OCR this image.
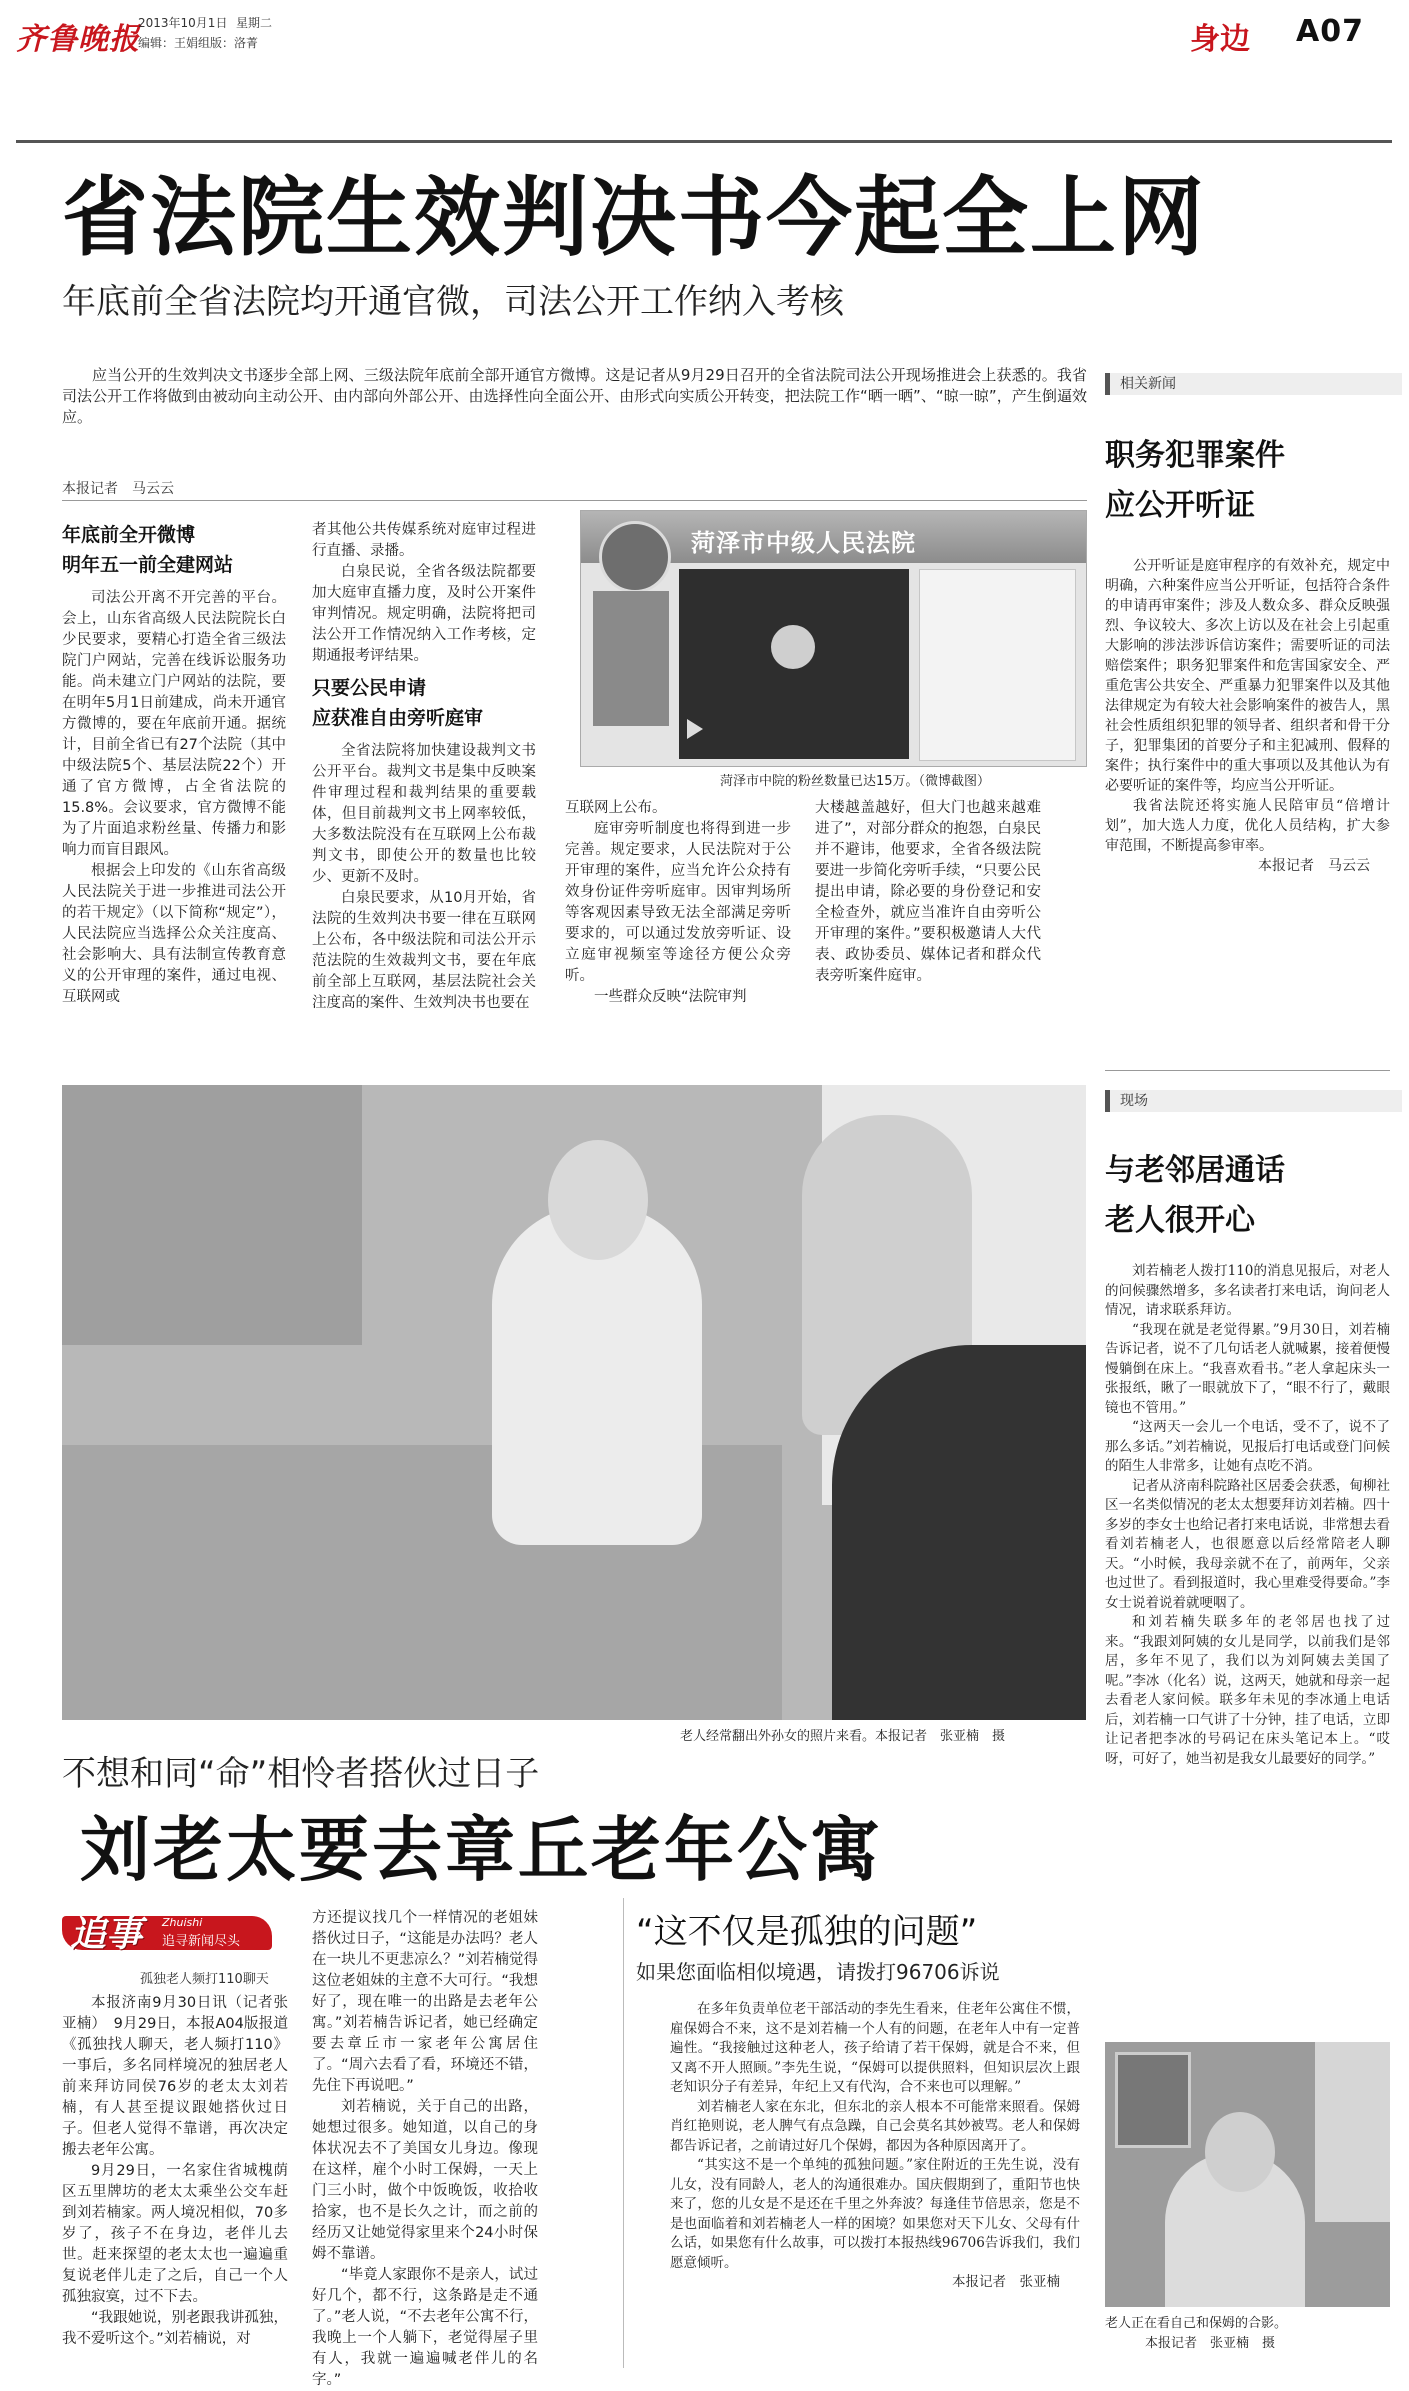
齐鲁晚报
2013年10月1日 星期二
编辑：王娟 组版：洛菁	身边 A07
省法院生效判决书今起全上网
年底前全省法院均开通官微，司法公开工作纳入考核

应当公开的生效判决文书逐步全部上网、三级法院年底前全部开通官方微博。这是记者从9月29日召开的全省法院司法公开现场推进会上获悉的。我省司法公开工作将做到由被动向主动公开、由内部向外部公开、由选择性向全面公开、由形式向实质公开转变，把法院工作“晒一晒”、“晾一晾”，产生倒逼效应。

本报记者　马云云
年底前全开微博
明年五一前全建网站

司法公开离不开完善的平台。会上，山东省高级人民法院院长白少民要求，要精心打造全省三级法院门户网站，完善在线诉讼服务功能。尚未建立门户网站的法院，要在明年5月1日前建成，尚未开通官方微博的，要在年底前开通。据统计，目前全省已有27个法院（其中中级法院5个、基层法院22个）开通了官方微博，占全省法院的15.8%。会议要求，官方微博不能为了片面追求粉丝量、传播力和影响力而盲目跟风。

根据会上印发的《山东省高级人民法院关于进一步推进司法公开的若干规定》（以下简称“规定”），人民法院应当选择公众关注度高、社会影响大、具有法制宣传教育意义的公开审理的案件，通过电视、互联网或

者其他公共传媒系统对庭审过程进行直播、录播。

白泉民说，全省各级法院都要加大庭审直播力度，及时公开案件审判情况。规定明确，法院将把司法公开工作情况纳入工作考核，定期通报考评结果。

只要公民申请
应获准自由旁听庭审

全省法院将加快建设裁判文书公开平台。裁判文书是集中反映案件审理过程和裁判结果的重要载体，但目前裁判文书上网率较低，大多数法院没有在互联网上公布裁判文书，即使公开的数量也比较少、更新不及时。

白泉民要求，从10月开始，省法院的生效判决书要一律在互联网上公布，各中级法院和司法公开示范法院的生效裁判文书，要在年底前全部上互联网，基层法院社会关注度高的案件、生效判决书也要在

菏泽市中级人民法院
菏泽市中院的粉丝数量已达15万。（微博截图）

互联网上公布。

庭审旁听制度也将得到进一步完善。规定要求，人民法院对于公开审理的案件，应当允许公众持有效身份证件旁听庭审。因审判场所等客观因素导致无法全部满足旁听要求的，可以通过发放旁听证、设立庭审视频室等途径方便公众旁听。

一些群众反映“法院审判

大楼越盖越好，但大门也越来越难进了”，对部分群众的抱怨，白泉民并不避讳，他要求，全省各级法院要进一步简化旁听手续，“只要公民提出申请，除必要的身份登记和安全检查外，就应当准许自由旁听公开审理的案件。”要积极邀请人大代表、政协委员、媒体记者和群众代表旁听案件庭审。

相关新闻
职务犯罪案件
应公开听证

公开听证是庭审程序的有效补充，规定中明确，六种案件应当公开听证，包括符合条件的申请再审案件；涉及人数众多、群众反映强烈、争议较大、多次上访以及在社会上引起重大影响的涉法涉诉信访案件；需要听证的司法赔偿案件；职务犯罪案件和危害国家安全、严重危害公共安全、严重暴力犯罪案件以及其他法律规定为有较大社会影响案件的被告人，黑社会性质组织犯罪的领导者、组织者和骨干分子，犯罪集团的首要分子和主犯减刑、假释的案件；执行案件中的重大事项以及其他认为有必要听证的案件等，均应当公开听证。

我省法院还将实施人民陪审员“倍增计划”，加大选人力度，优化人员结构，扩大参审范围，不断提高参审率。

本报记者　马云云
老人经常翻出外孙女的照片来看。本报记者　张亚楠　摄
不想和同“命”相怜者搭伙过日子
刘老太要去章丘老年公寓
追事 Zhuishi
追寻新闻尽头
孤独老人频打110聊天

本报济南9月30日讯（记者张亚楠）　9月29日，本报A04版报道《孤独找人聊天，老人频打110》一事后，多名同样境况的独居老人前来拜访同侯76岁的老太太刘若楠，有人甚至提议跟她搭伙过日子。但老人觉得不靠谱，再次决定搬去老年公寓。

9月29日，一名家住省城槐荫区五里牌坊的老太太乘坐公交车赶到刘若楠家。两人境况相似，70多岁了，孩子不在身边，老伴儿去世。赶来探望的老太太也一遍遍重复说老伴儿走了之后，自己一个人孤独寂寞，过不下去。

“我跟她说，别老跟我讲孤独，我不爱听这个。”刘若楠说，对

方还提议找几个一样情况的老姐妹搭伙过日子，“这能是办法吗？老人在一块儿不更悲凉么？”刘若楠觉得这位老姐妹的主意不大可行。“我想好了，现在唯一的出路是去老年公寓。”刘若楠告诉记者，她已经确定要去章丘市一家老年公寓居住了。“周六去看了看，环境还不错，先住下再说吧。”

刘若楠说，关于自己的出路，她想过很多。她知道，以自己的身体状况去不了美国女儿身边。像现在这样，雇个小时工保姆，一天上门三小时，做个中饭晚饭，收拾收拾家，也不是长久之计，而之前的经历又让她觉得家里来个24小时保姆不靠谱。

“毕竟人家跟你不是亲人，试过好几个，都不行，这条路是走不通了。”老人说，“不去老年公寓不行，我晚上一个人躺下，老觉得屋子里有人，我就一遍遍喊老伴儿的名字。”

“这不仅是孤独的问题”
如果您面临相似境遇，请拨打96706诉说

在多年负责单位老干部活动的李先生看来，住老年公寓住不惯，雇保姆合不来，这不是刘若楠一个人有的问题，在老年人中有一定普遍性。“我接触过这种老人，孩子给请了若干保姆，就是合不来，但又离不开人照顾。”李先生说，“保姆可以提供照料，但知识层次上跟老知识分子有差异，年纪上又有代沟，合不来也可以理解。”

刘若楠老人家在东北，但东北的亲人根本不可能常来照看。保姆肖红艳则说，老人脾气有点急躁，自己会莫名其妙被骂。老人和保姆都告诉记者，之前请过好几个保姆，都因为各种原因离开了。

“其实这不是一个单纯的孤独问题。”家住附近的王先生说，没有儿女，没有同龄人，老人的沟通很难办。国庆假期到了，重阳节也快来了，您的儿女是不是还在千里之外奔波？每逢佳节倍思亲，您是不是也面临着和刘若楠老人一样的困境？如果您对天下儿女、父母有什么话，如果您有什么故事，可以拨打本报热线96706告诉我们，我们愿意倾听。

本报记者　张亚楠
现场
与老邻居通话
老人很开心

刘若楠老人拨打110的消息见报后，对老人的问候骤然增多，多名读者打来电话，询问老人情况，请求联系拜访。

“我现在就是老觉得累。”9月30日，刘若楠告诉记者，说不了几句话老人就喊累，接着便慢慢躺倒在床上。“我喜欢看书。”老人拿起床头一张报纸，瞅了一眼就放下了，“眼不行了，戴眼镜也不管用。”

“这两天一会儿一个电话，受不了，说不了那么多话。”刘若楠说，见报后打电话或登门问候的陌生人非常多，让她有点吃不消。

记者从济南科院路社区居委会获悉，甸柳社区一名类似情况的老太太想要拜访刘若楠。四十多岁的李女士也给记者打来电话说，非常想去看看刘若楠老人，也很愿意以后经常陪老人聊天。“小时候，我母亲就不在了，前两年，父亲也过世了。看到报道时，我心里难受得要命。”李女士说着说着就哽咽了。

和刘若楠失联多年的老邻居也找了过来。“我跟刘阿姨的女儿是同学，以前我们是邻居，多年不见了，我们以为刘阿姨去美国了呢。”李冰（化名）说，这两天，她就和母亲一起去看老人家问候。联多年未见的李冰通上电话后，刘若楠一口气讲了十分钟，挂了电话，立即让记者把李冰的号码记在床头笔记本上。“哎呀，可好了，她当初是我女儿最要好的同学。”

老人正在看自己和保姆的合影。
本报记者　张亚楠　摄
